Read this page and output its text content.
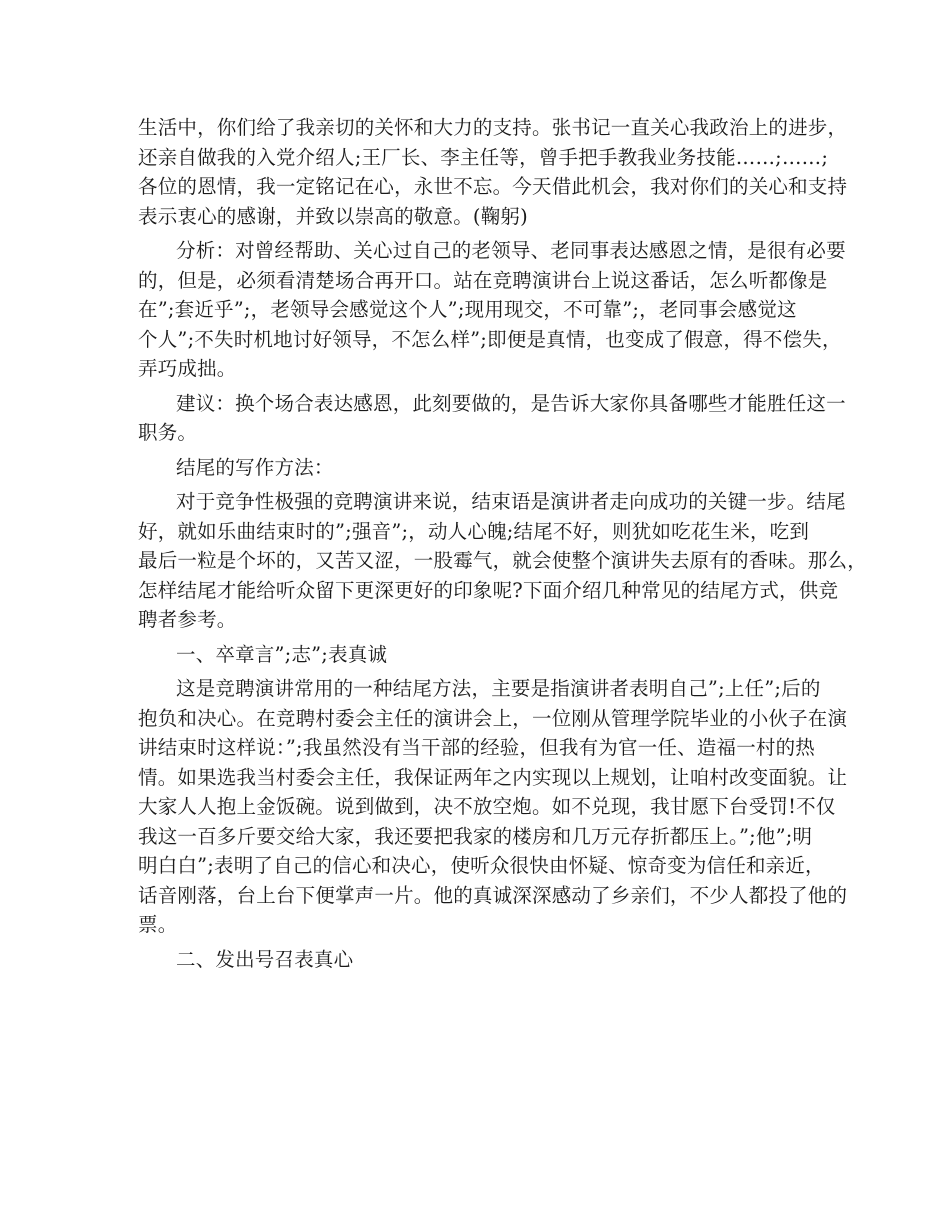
生活中，你们给了我亲切的关怀和大力的支持。张书记一直关心我政治上的进步，
还亲自做我的入党介绍人;王厂长、李主任等，曾手把手教我业务技能……;……;
各位的恩情，我一定铭记在心，永世不忘。今天借此机会，我对你们的关心和支持
表示衷心的感谢，并致以崇高的敬意。(鞠躬)
分析：对曾经帮助、关心过自己的老领导、老同事表达感恩之情，是很有必要
的，但是，必须看清楚场合再开口。站在竞聘演讲台上说这番话，怎么听都像是
在”;套近乎”;，老领导会感觉这个人”;现用现交，不可靠”;，老同事会感觉这
个人”;不失时机地讨好领导，不怎么样”;即便是真情，也变成了假意，得不偿失，
弄巧成拙。
建议：换个场合表达感恩，此刻要做的，是告诉大家你具备哪些才能胜任这一
职务。
结尾的写作方法：
对于竞争性极强的竞聘演讲来说，结束语是演讲者走向成功的关键一步。结尾
好，就如乐曲结束时的”;强音”;，动人心魄;结尾不好，则犹如吃花生米，吃到
最后一粒是个坏的，又苦又涩，一股霉气，就会使整个演讲失去原有的香味。那么，
怎样结尾才能给听众留下更深更好的印象呢?下面介绍几种常见的结尾方式，供竞
聘者参考。
一、卒章言”;志”;表真诚
这是竞聘演讲常用的一种结尾方法，主要是指演讲者表明自己”;上任”;后的
抱负和决心。在竞聘村委会主任的演讲会上，一位刚从管理学院毕业的小伙子在演
讲结束时这样说：”;我虽然没有当干部的经验，但我有为官一任、造福一村的热
情。如果选我当村委会主任，我保证两年之内实现以上规划，让咱村改变面貌。让
大家人人抱上金饭碗。说到做到，决不放空炮。如不兑现，我甘愿下台受罚!不仅
我这一百多斤要交给大家，我还要把我家的楼房和几万元存折都压上。”;他”;明
明白白”;表明了自己的信心和决心，使听众很快由怀疑、惊奇变为信任和亲近，
话音刚落，台上台下便掌声一片。他的真诚深深感动了乡亲们，不少人都投了他的
票。
二、发出号召表真心
